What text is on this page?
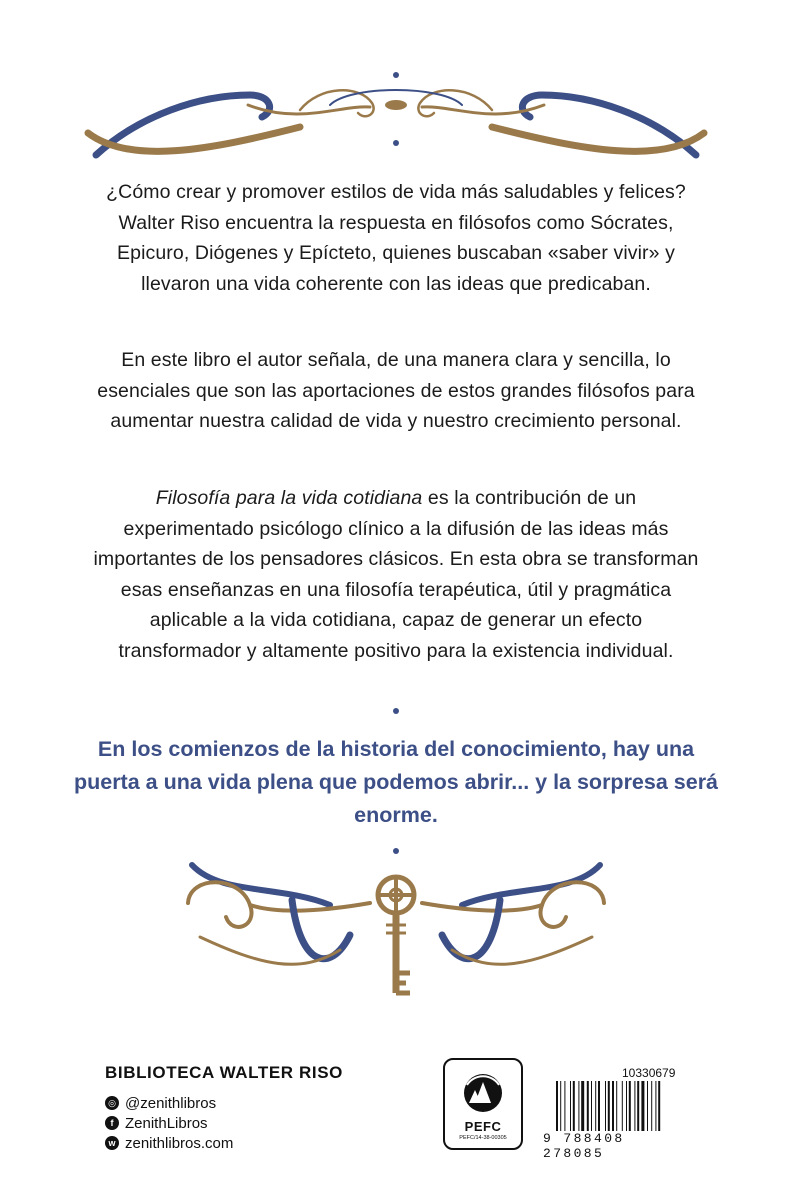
¿Cómo crear y promover estilos de vida más saludables y felices? Walter Riso encuentra la respuesta en filósofos como Sócrates, Epicuro, Diógenes y Epícteto, quienes buscaban «saber vivir» y llevaron una vida coherente con las ideas que predicaban.

En este libro el autor señala, de una manera clara y sencilla, lo esenciales que son las aportaciones de estos grandes filósofos para aumentar nuestra calidad de vida y nuestro crecimiento personal.

Filosofía para la vida cotidiana es la contribución de un experimentado psicólogo clínico a la difusión de las ideas más importantes de los pensadores clásicos. En esta obra se transforman esas enseñanzas en una filosofía terapéutica, útil y pragmática aplicable a la vida cotidiana, capaz de generar un efecto transformador y altamente positivo para la existencia individual.

En los comienzos de la historia del conocimiento, hay una puerta a una vida plena que podemos abrir... y la sorpresa será enorme.

BIBLIOTECA WALTER RISO

◎ @zenithlibros
f ZenithLibros
w zenithlibros.com
PEFC
PEFC/14-38-00305
10330679
9 788408 278085
